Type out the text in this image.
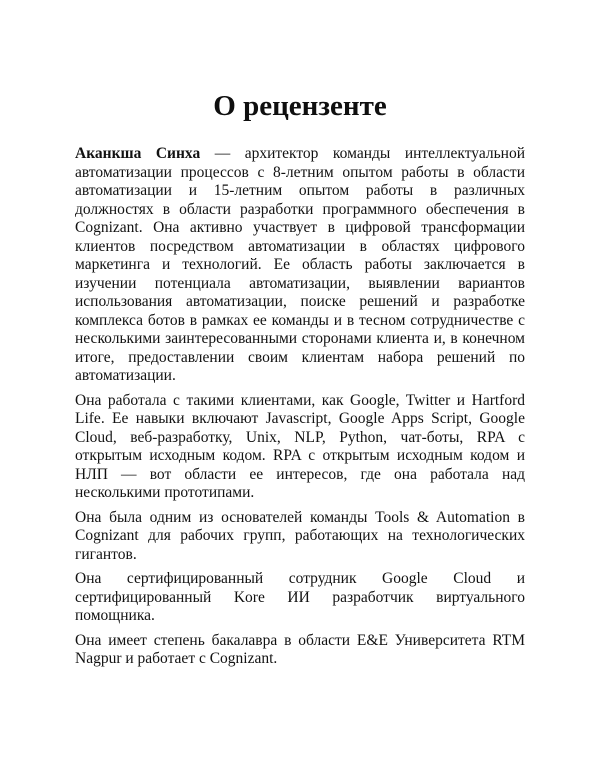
О рецензенте

Аканкша Синха — архитектор команды интеллектуальной автоматизации процессов с 8-летним опытом работы в области автоматизации и 15-летним опытом работы в различных должностях в области разработки программного обеспечения в Cognizant. Она активно участвует в цифровой трансформации клиентов посредством автоматизации в областях цифрового маркетинга и технологий. Ее область работы заключается в изучении потенциала автоматизации, выявлении вариантов использования автоматизации, поиске решений и разработке комплекса ботов в рамках ее команды и в тесном сотрудничестве с несколькими заинтересованными сторонами клиента и, в конечном итоге, предоставлении своим клиентам набора решений по автоматизации.

Она работала с такими клиентами, как Google, Twitter и Hartford Life. Ее навыки включают Javascript, Google Apps Script, Google Cloud, веб-разработку, Unix, NLP, Python, чат-боты, RPA с открытым исходным кодом. RPA с открытым исходным кодом и НЛП — вот области ее интересов, где она работала над несколькими прототипами.

Она была одним из основателей команды Tools & Automation в Cognizant для рабочих групп, работающих на технологических гигантов.

Она сертифицированный сотрудник Google Cloud и сертифицированный Kore ИИ разработчик виртуального помощника.

Она имеет степень бакалавра в области E&E Университета RTM Nagpur и работает с Cognizant.
